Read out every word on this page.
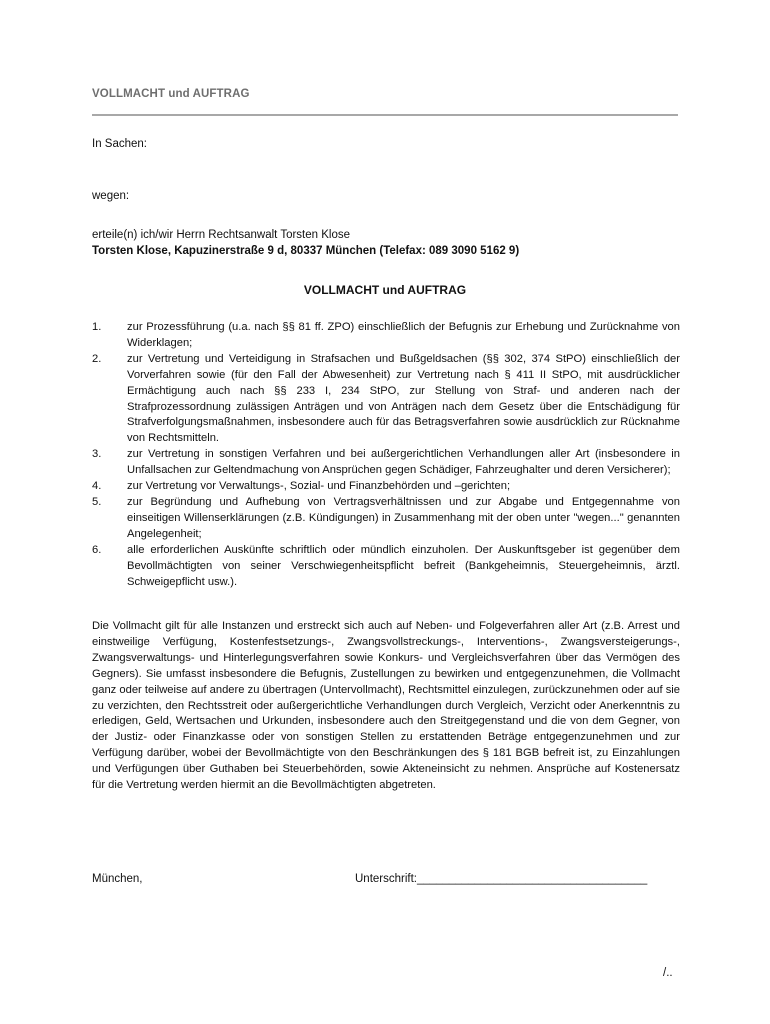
VOLLMACHT und AUFTRAG
In Sachen:
wegen:
erteile(n) ich/wir Herrn Rechtsanwalt Torsten Klose
Torsten Klose, Kapuzinerstraße 9 d, 80337 München (Telefax: 089 3090 5162 9)
VOLLMACHT und AUFTRAG
1. zur Prozessführung (u.a. nach §§ 81 ff. ZPO) einschließlich der Befugnis zur Erhebung und Zurücknahme von Widerklagen;
2. zur Vertretung und Verteidigung in Strafsachen und Bußgeldsachen (§§ 302, 374 StPO) einschließlich der Vorverfahren sowie (für den Fall der Abwesenheit) zur Vertretung nach § 411 II StPO, mit ausdrücklicher Ermächtigung auch nach §§ 233 I, 234 StPO, zur Stellung von Straf- und anderen nach der Strafprozessordnung zulässigen Anträgen und von Anträgen nach dem Gesetz über die Entschädigung für Strafverfolgungsmaßnahmen, insbesondere auch für das Betragsverfahren sowie ausdrücklich zur Rücknahme von Rechtsmitteln.
3. zur Vertretung in sonstigen Verfahren und bei außergerichtlichen Verhandlungen aller Art (insbesondere in Unfallsachen zur Geltendmachung von Ansprüchen gegen Schädiger, Fahrzeughalter und deren Versicherer);
4. zur Vertretung vor Verwaltungs-, Sozial- und Finanzbehörden und –gerichten;
5. zur Begründung und Aufhebung von Vertragsverhältnissen und zur Abgabe und Entgegennahme von einseitigen Willenserklärungen (z.B. Kündigungen) in Zusammenhang mit der oben unter "wegen..." genannten Angelegenheit;
6. alle erforderlichen Auskünfte schriftlich oder mündlich einzuholen. Der Auskunftsgeber ist gegenüber dem Bevollmächtigten von seiner Verschwiegenheitspflicht befreit (Bankgeheimnis, Steuergeheimnis, ärztl. Schweigepflicht usw.).
Die Vollmacht gilt für alle Instanzen und erstreckt sich auch auf Neben- und Folgeverfahren aller Art (z.B. Arrest und einstweilige Verfügung, Kostenfestsetzungs-, Zwangsvollstreckungs-, Interventions-, Zwangsversteigerungs-, Zwangsverwaltungs- und Hinterlegungsverfahren sowie Konkurs- und Vergleichsverfahren über das Vermögen des Gegners). Sie umfasst insbesondere die Befugnis, Zustellungen zu bewirken und entgegenzunehmen, die Vollmacht ganz oder teilweise auf andere zu übertragen (Untervollmacht), Rechtsmittel einzulegen, zurückzunehmen oder auf sie zu verzichten, den Rechtsstreit oder außergerichtliche Verhandlungen durch Vergleich, Verzicht oder Anerkenntnis zu erledigen, Geld, Wertsachen und Urkunden, insbesondere auch den Streitgegenstand und die von dem Gegner, von der Justiz- oder Finanzkasse oder von sonstigen Stellen zu erstattenden Beträge entgegenzunehmen und zur Verfügung darüber, wobei der Bevollmächtigte von den Beschränkungen des § 181 BGB befreit ist, zu Einzahlungen und Verfügungen über Guthaben bei Steuerbehörden, sowie Akteneinsicht zu nehmen. Ansprüche auf Kostenersatz für die Vertretung werden hiermit an die Bevollmächtigten abgetreten.
München,	Unterschrift:____________________________________
/..
